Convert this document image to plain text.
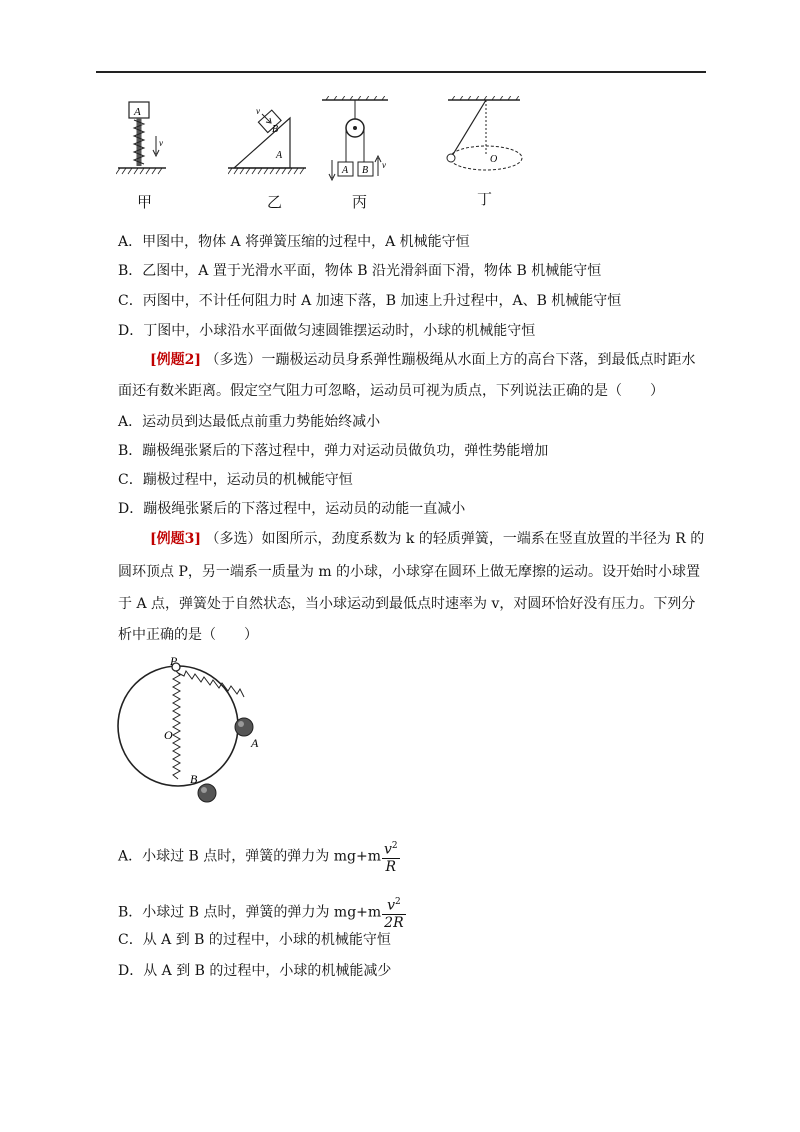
A
v
甲
B
A
v
乙
A B v
丙
O
丁
A．甲图中，物体 A 将弹簧压缩的过程中，A 机械能守恒
B．乙图中，A 置于光滑水平面，物体 B 沿光滑斜面下滑，物体 B 机械能守恒
C．丙图中，不计任何阻力时 A 加速下落，B 加速上升过程中，A、B 机械能守恒
D．丁图中，小球沿水平面做匀速圆锥摆运动时，小球的机械能守恒
[例题2] （多选）一蹦极运动员身系弹性蹦极绳从水面上方的高台下落，到最低点时距水
面还有数米距离。假定空气阻力可忽略，运动员可视为质点，下列说法正确的是（　　）
A．运动员到达最低点前重力势能始终减小
B．蹦极绳张紧后的下落过程中，弹力对运动员做负功，弹性势能增加
C．蹦极过程中，运动员的机械能守恒
D．蹦极绳张紧后的下落过程中，运动员的动能一直减小
[例题3] （多选）如图所示，劲度系数为 k 的轻质弹簧，一端系在竖直放置的半径为 R 的
圆环顶点 P，另一端系一质量为 m 的小球，小球穿在圆环上做无摩擦的运动。设开始时小球置
于 A 点，弹簧处于自然状态，当小球运动到最低点时速率为 v，对圆环恰好没有压力。下列分
析中正确的是（　　）
P
O
A
B
A．小球过 B 点时，弹簧的弹力为 $mg+m \frac{v^2}{R}$
B．小球过 B 点时，弹簧的弹力为 $mg+m \frac{v^2}{2R}$
C．从 A 到 B 的过程中，小球的机械能守恒
D．从 A 到 B 的过程中，小球的机械能减少
